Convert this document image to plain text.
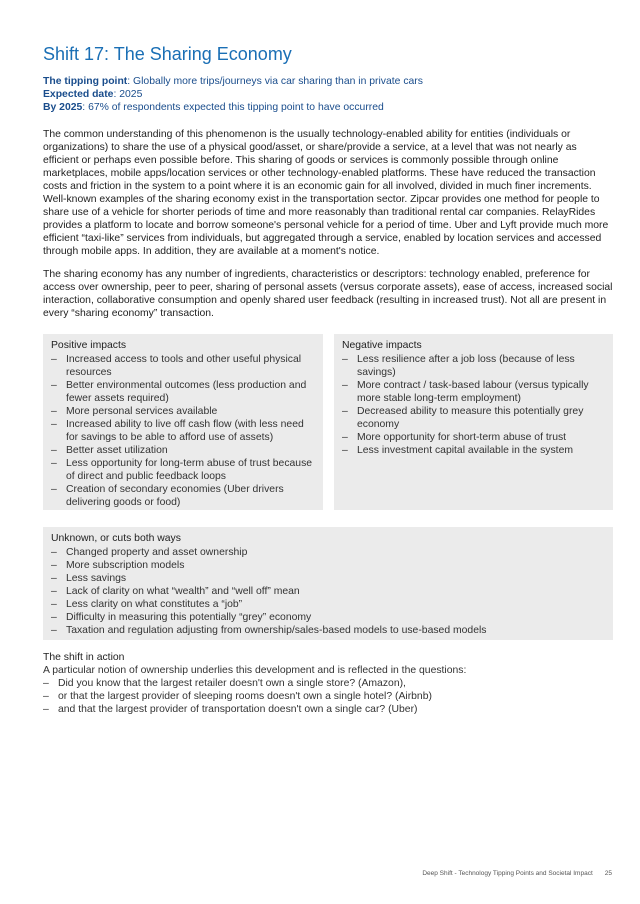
Shift 17: The Sharing Economy
The tipping point: Globally more trips/journeys via car sharing than in private cars
Expected date: 2025
By 2025: 67% of respondents expected this tipping point to have occurred

The common understanding of this phenomenon is the usually technology-enabled ability for entities (individuals or organizations) to share the use of a physical good/asset, or share/provide a service, at a level that was not nearly as efficient or perhaps even possible before. This sharing of goods or services is commonly possible through online marketplaces, mobile apps/location services or other technology-enabled platforms. These have reduced the transaction costs and friction in the system to a point where it is an economic gain for all involved, divided in much finer increments. Well-known examples of the sharing economy exist in the transportation sector. Zipcar provides one method for people to share use of a vehicle for shorter periods of time and more reasonably than traditional rental car companies. RelayRides provides a platform to locate and borrow someone's personal vehicle for a period of time. Uber and Lyft provide much more efficient “taxi-like” services from individuals, but aggregated through a service, enabled by location services and accessed through mobile apps. In addition, they are available at a moment's notice.

The sharing economy has any number of ingredients, characteristics or descriptors: technology enabled, preference for access over ownership, peer to peer, sharing of personal assets (versus corporate assets), ease of access, increased social interaction, collaborative consumption and openly shared user feedback (resulting in increased trust). Not all are present in every “sharing economy” transaction.

Positive impacts
– Increased access to tools and other useful physical resources
– Better environmental outcomes (less production and fewer assets required)
– More personal services available
– Increased ability to live off cash flow (with less need for savings to be able to afford use of assets)
– Better asset utilization
– Less opportunity for long-term abuse of trust because of direct and public feedback loops
– Creation of secondary economies (Uber drivers delivering goods or food)
Negative impacts
– Less resilience after a job loss (because of less savings)
– More contract / task-based labour (versus typically more stable long-term employment)
– Decreased ability to measure this potentially grey economy
– More opportunity for short-term abuse of trust
– Less investment capital available in the system
Unknown, or cuts both ways
– Changed property and asset ownership
– More subscription models
– Less savings
– Lack of clarity on what “wealth” and “well off” mean
– Less clarity on what constitutes a “job”
– Difficulty in measuring this potentially “grey” economy
– Taxation and regulation adjusting from ownership/sales-based models to use-based models
The shift in action
A particular notion of ownership underlies this development and is reflected in the questions:
– Did you know that the largest retailer doesn't own a single store? (Amazon),
– or that the largest provider of sleeping rooms doesn't own a single hotel? (Airbnb)
– and that the largest provider of transportation doesn't own a single car? (Uber)
Deep Shift - Technology Tipping Points and Societal Impact 25
